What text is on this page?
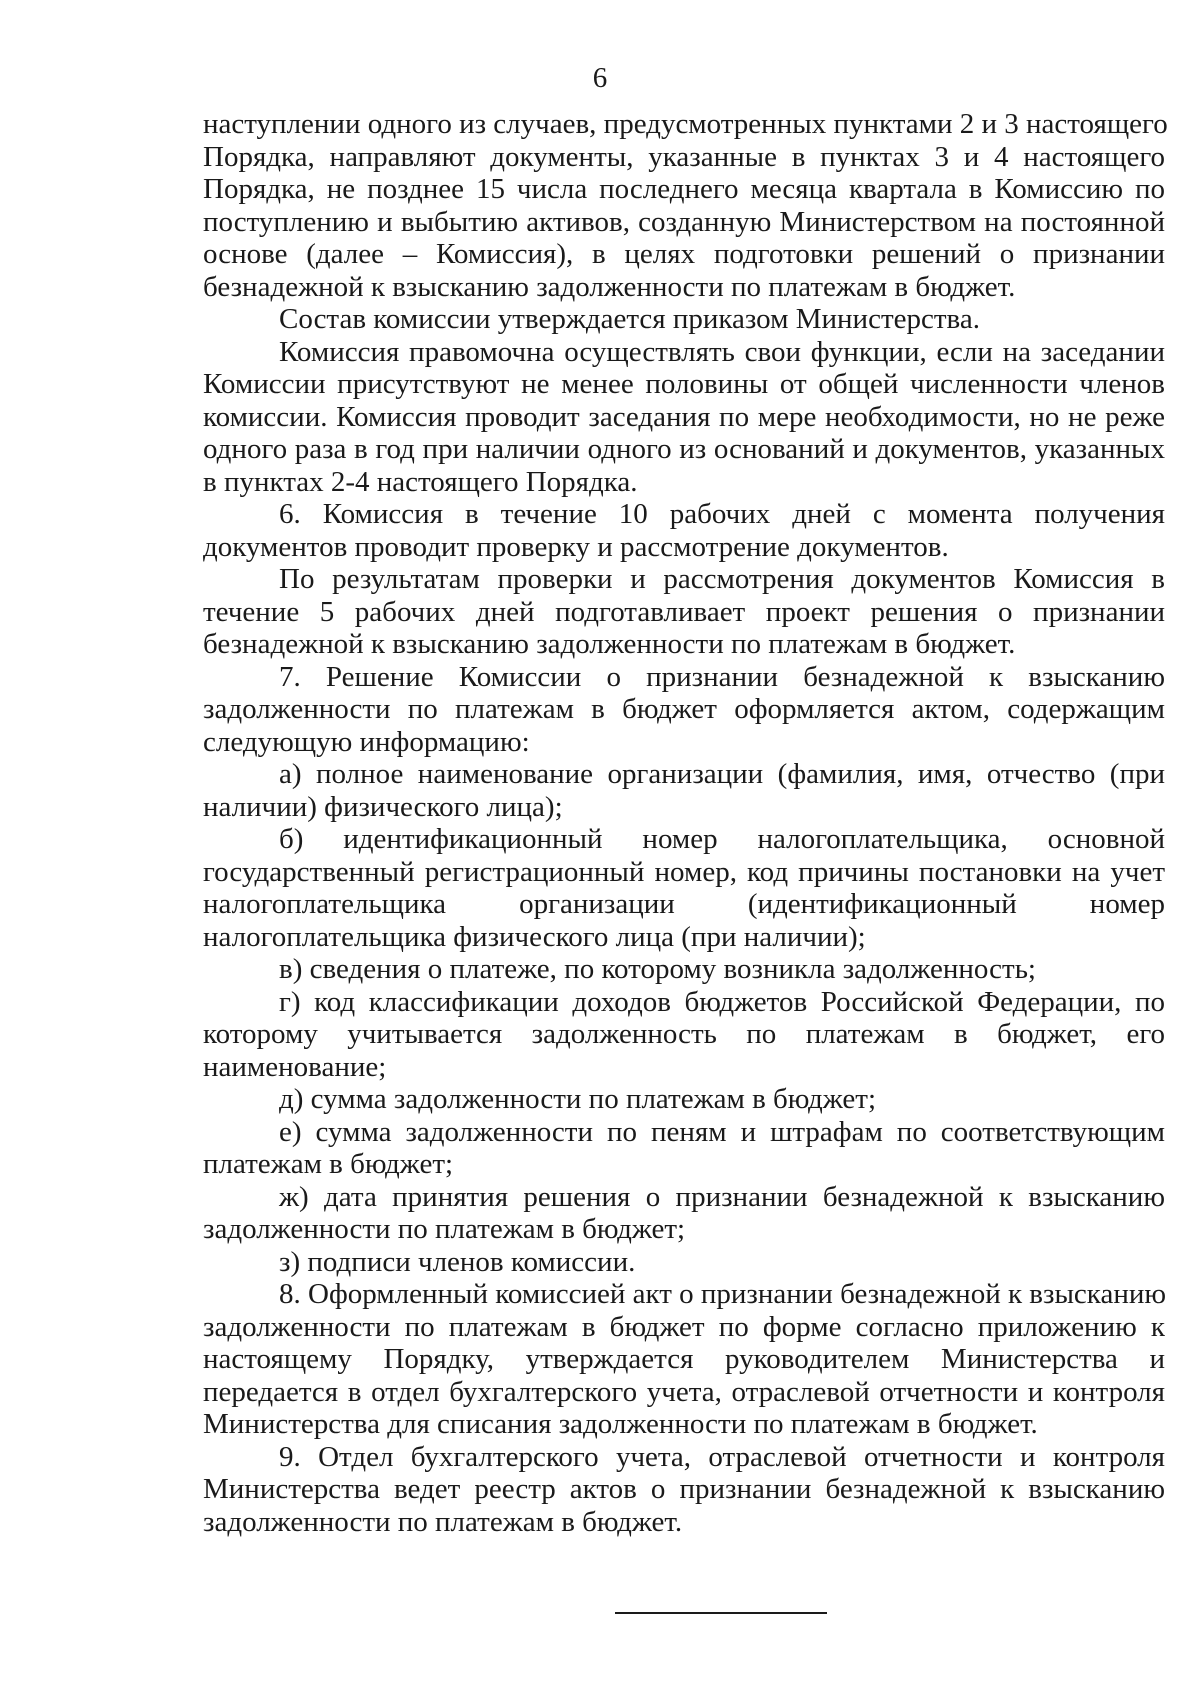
6
наступлении одного из случаев, предусмотренных пунктами 2 и 3 настоящего
Порядка, направляют документы, указанные в пунктах 3 и 4 настоящего
Порядка, не позднее 15 числа последнего месяца квартала в Комиссию по
поступлению и выбытию активов, созданную Министерством на постоянной
основе (далее – Комиссия), в целях подготовки решений о признании
безнадежной к взысканию задолженности по платежам в бюджет.
Состав комиссии утверждается приказом Министерства.
Комиссия правомочна осуществлять свои функции, если на заседании
Комиссии присутствуют не менее половины от общей численности членов
комиссии. Комиссия проводит заседания по мере необходимости, но не реже
одного раза в год при наличии одного из оснований и документов, указанных
в пунктах 2-4 настоящего Порядка.
6. Комиссия в течение 10 рабочих дней с момента получения
документов проводит проверку и рассмотрение документов.
По результатам проверки и рассмотрения документов Комиссия в
течение 5 рабочих дней подготавливает проект решения о признании
безнадежной к взысканию задолженности по платежам в бюджет.
7. Решение Комиссии о признании безнадежной к взысканию
задолженности по платежам в бюджет оформляется актом, содержащим
следующую информацию:
а) полное наименование организации (фамилия, имя, отчество (при
наличии) физического лица);
б) идентификационный номер налогоплательщика, основной
государственный регистрационный номер, код причины постановки на учет
налогоплательщика организации (идентификационный номер
налогоплательщика физического лица (при наличии);
в) сведения о платеже, по которому возникла задолженность;
г) код классификации доходов бюджетов Российской Федерации, по
которому учитывается задолженность по платежам в бюджет, его
наименование;
д) сумма задолженности по платежам в бюджет;
е) сумма задолженности по пеням и штрафам по соответствующим
платежам в бюджет;
ж) дата принятия решения о признании безнадежной к взысканию
задолженности по платежам в бюджет;
з) подписи членов комиссии.
8. Оформленный комиссией акт о признании безнадежной к взысканию
задолженности по платежам в бюджет по форме согласно приложению к
настоящему Порядку, утверждается руководителем Министерства и
передается в отдел бухгалтерского учета, отраслевой отчетности и контроля
Министерства для списания задолженности по платежам в бюджет.
9. Отдел бухгалтерского учета, отраслевой отчетности и контроля
Министерства ведет реестр актов о признании безнадежной к взысканию
задолженности по платежам в бюджет.
